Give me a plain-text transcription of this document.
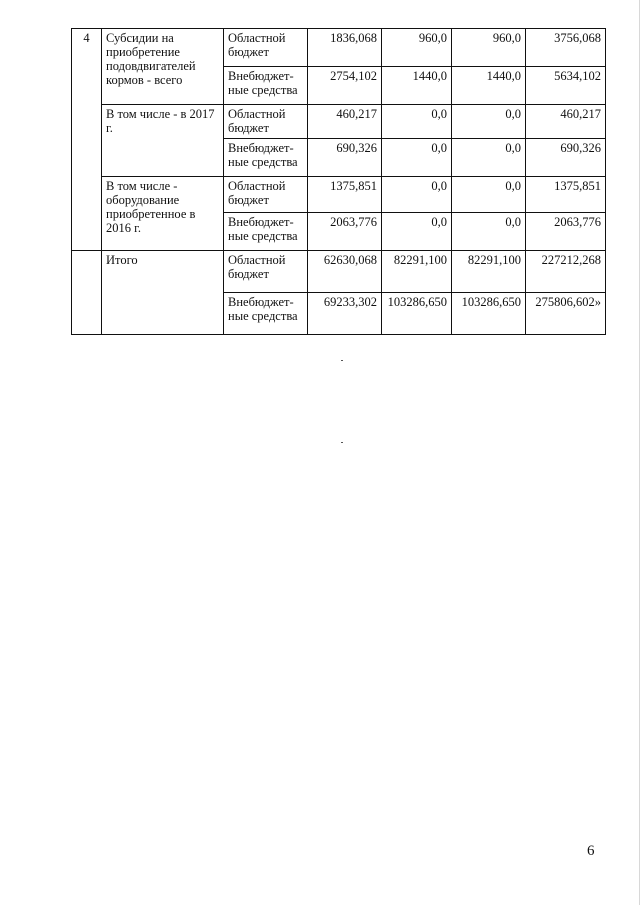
4	Субсидии на приобретение подовдвигателей кормов - всего	Областной бюджет	1836,068	960,0	960,0	3756,068
		Внебюджет-ные средства	2754,102	1440,0	1440,0	5634,102
	В том числе - в 2017 г.	Областной бюджет	460,217	0,0	0,0	460,217
		Внебюджет-ные средства	690,326	0,0	0,0	690,326
	В том числе - оборудование приобретенное в 2016 г.	Областной бюджет	1375,851	0,0	0,0	1375,851
		Внебюджет-ные средства	2063,776	0,0	0,0	2063,776
	Итого	Областной бюджет	62630,068	82291,100	82291,100	227212,268
		Внебюджет-ные средства	69233,302	103286,650	103286,650	275806,602»
6
